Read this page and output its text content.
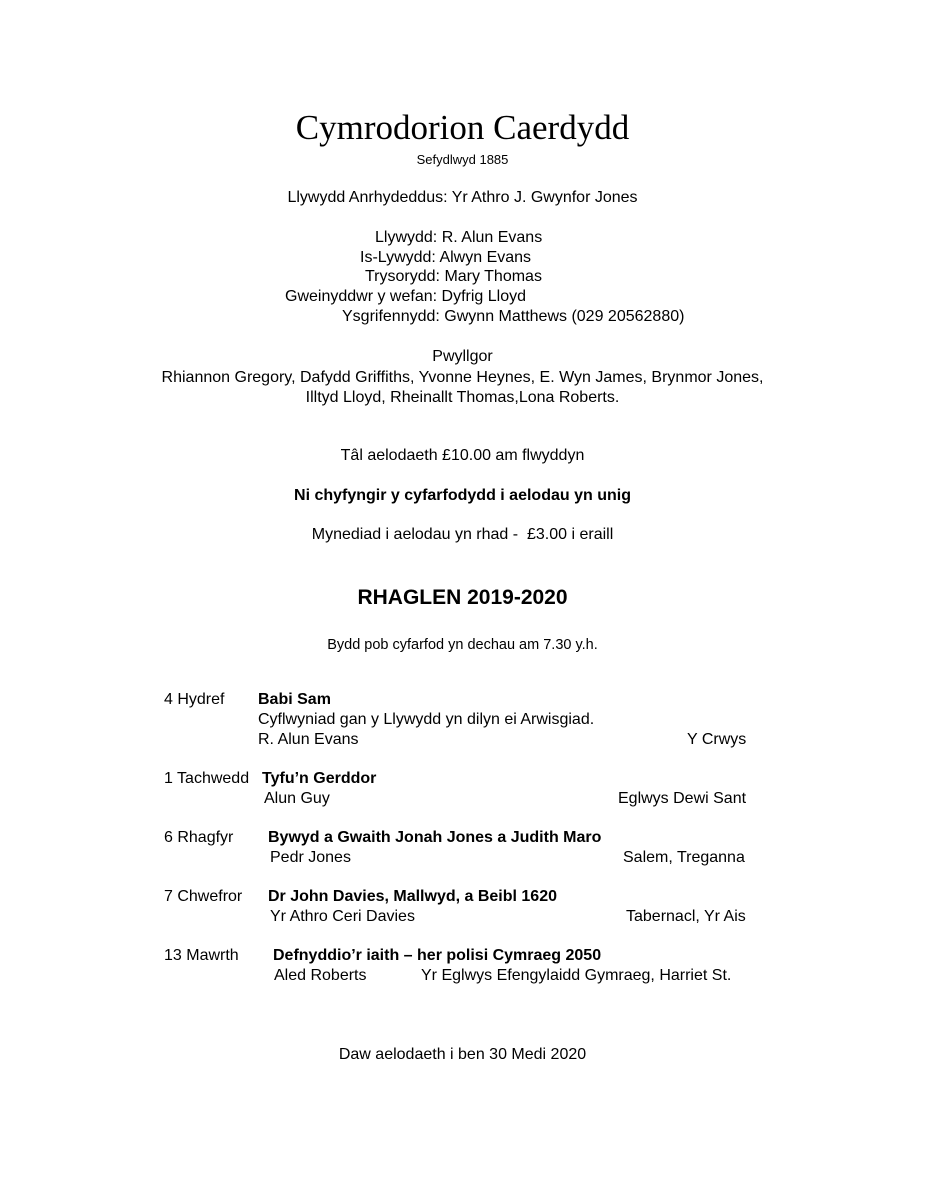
Cymrodorion Caerdydd
Sefydlwyd 1885
Llywydd Anrhydeddus: Yr Athro J. Gwynfor Jones
Llywydd: R. Alun Evans
Is-Lywydd: Alwyn Evans
Trysorydd: Mary Thomas
Gweinyddwr y wefan: Dyfrig Lloyd
Ysgrifennydd: Gwynn Matthews (029 20562880)
Pwyllgor
Rhiannon Gregory, Dafydd Griffiths, Yvonne Heynes, E. Wyn James, Brynmor Jones, Illtyd Lloyd, Rheinallt Thomas,Lona Roberts.
Tâl aelodaeth £10.00 am flwyddyn
Ni chyfyngir y cyfarfodydd i aelodau yn unig
Mynediad i aelodau yn rhad -  £3.00 i eraill
RHAGLEN 2019-2020
Bydd pob cyfarfod yn dechau am 7.30 y.h.
4 Hydref Babi Sam
Cyflwyniad gan y Llywydd yn dilyn ei Arwisgiad.
R. Alun Evans	Y Crwys
1 Tachwedd Tyfu’n Gerddor
Alun Guy	Eglwys Dewi Sant
6 Rhagfyr Bywyd a Gwaith Jonah Jones a Judith Maro
Pedr Jones	Salem, Treganna
7 Chwefror Dr John Davies, Mallwyd, a Beibl 1620
Yr Athro Ceri Davies	Tabernacl, Yr Ais
13 Mawrth Defnyddio’r iaith – her polisi Cymraeg 2050
Aled Roberts	Yr Eglwys Efengylaidd Gymraeg, Harriet St.
Daw aelodaeth i ben 30 Medi 2020
